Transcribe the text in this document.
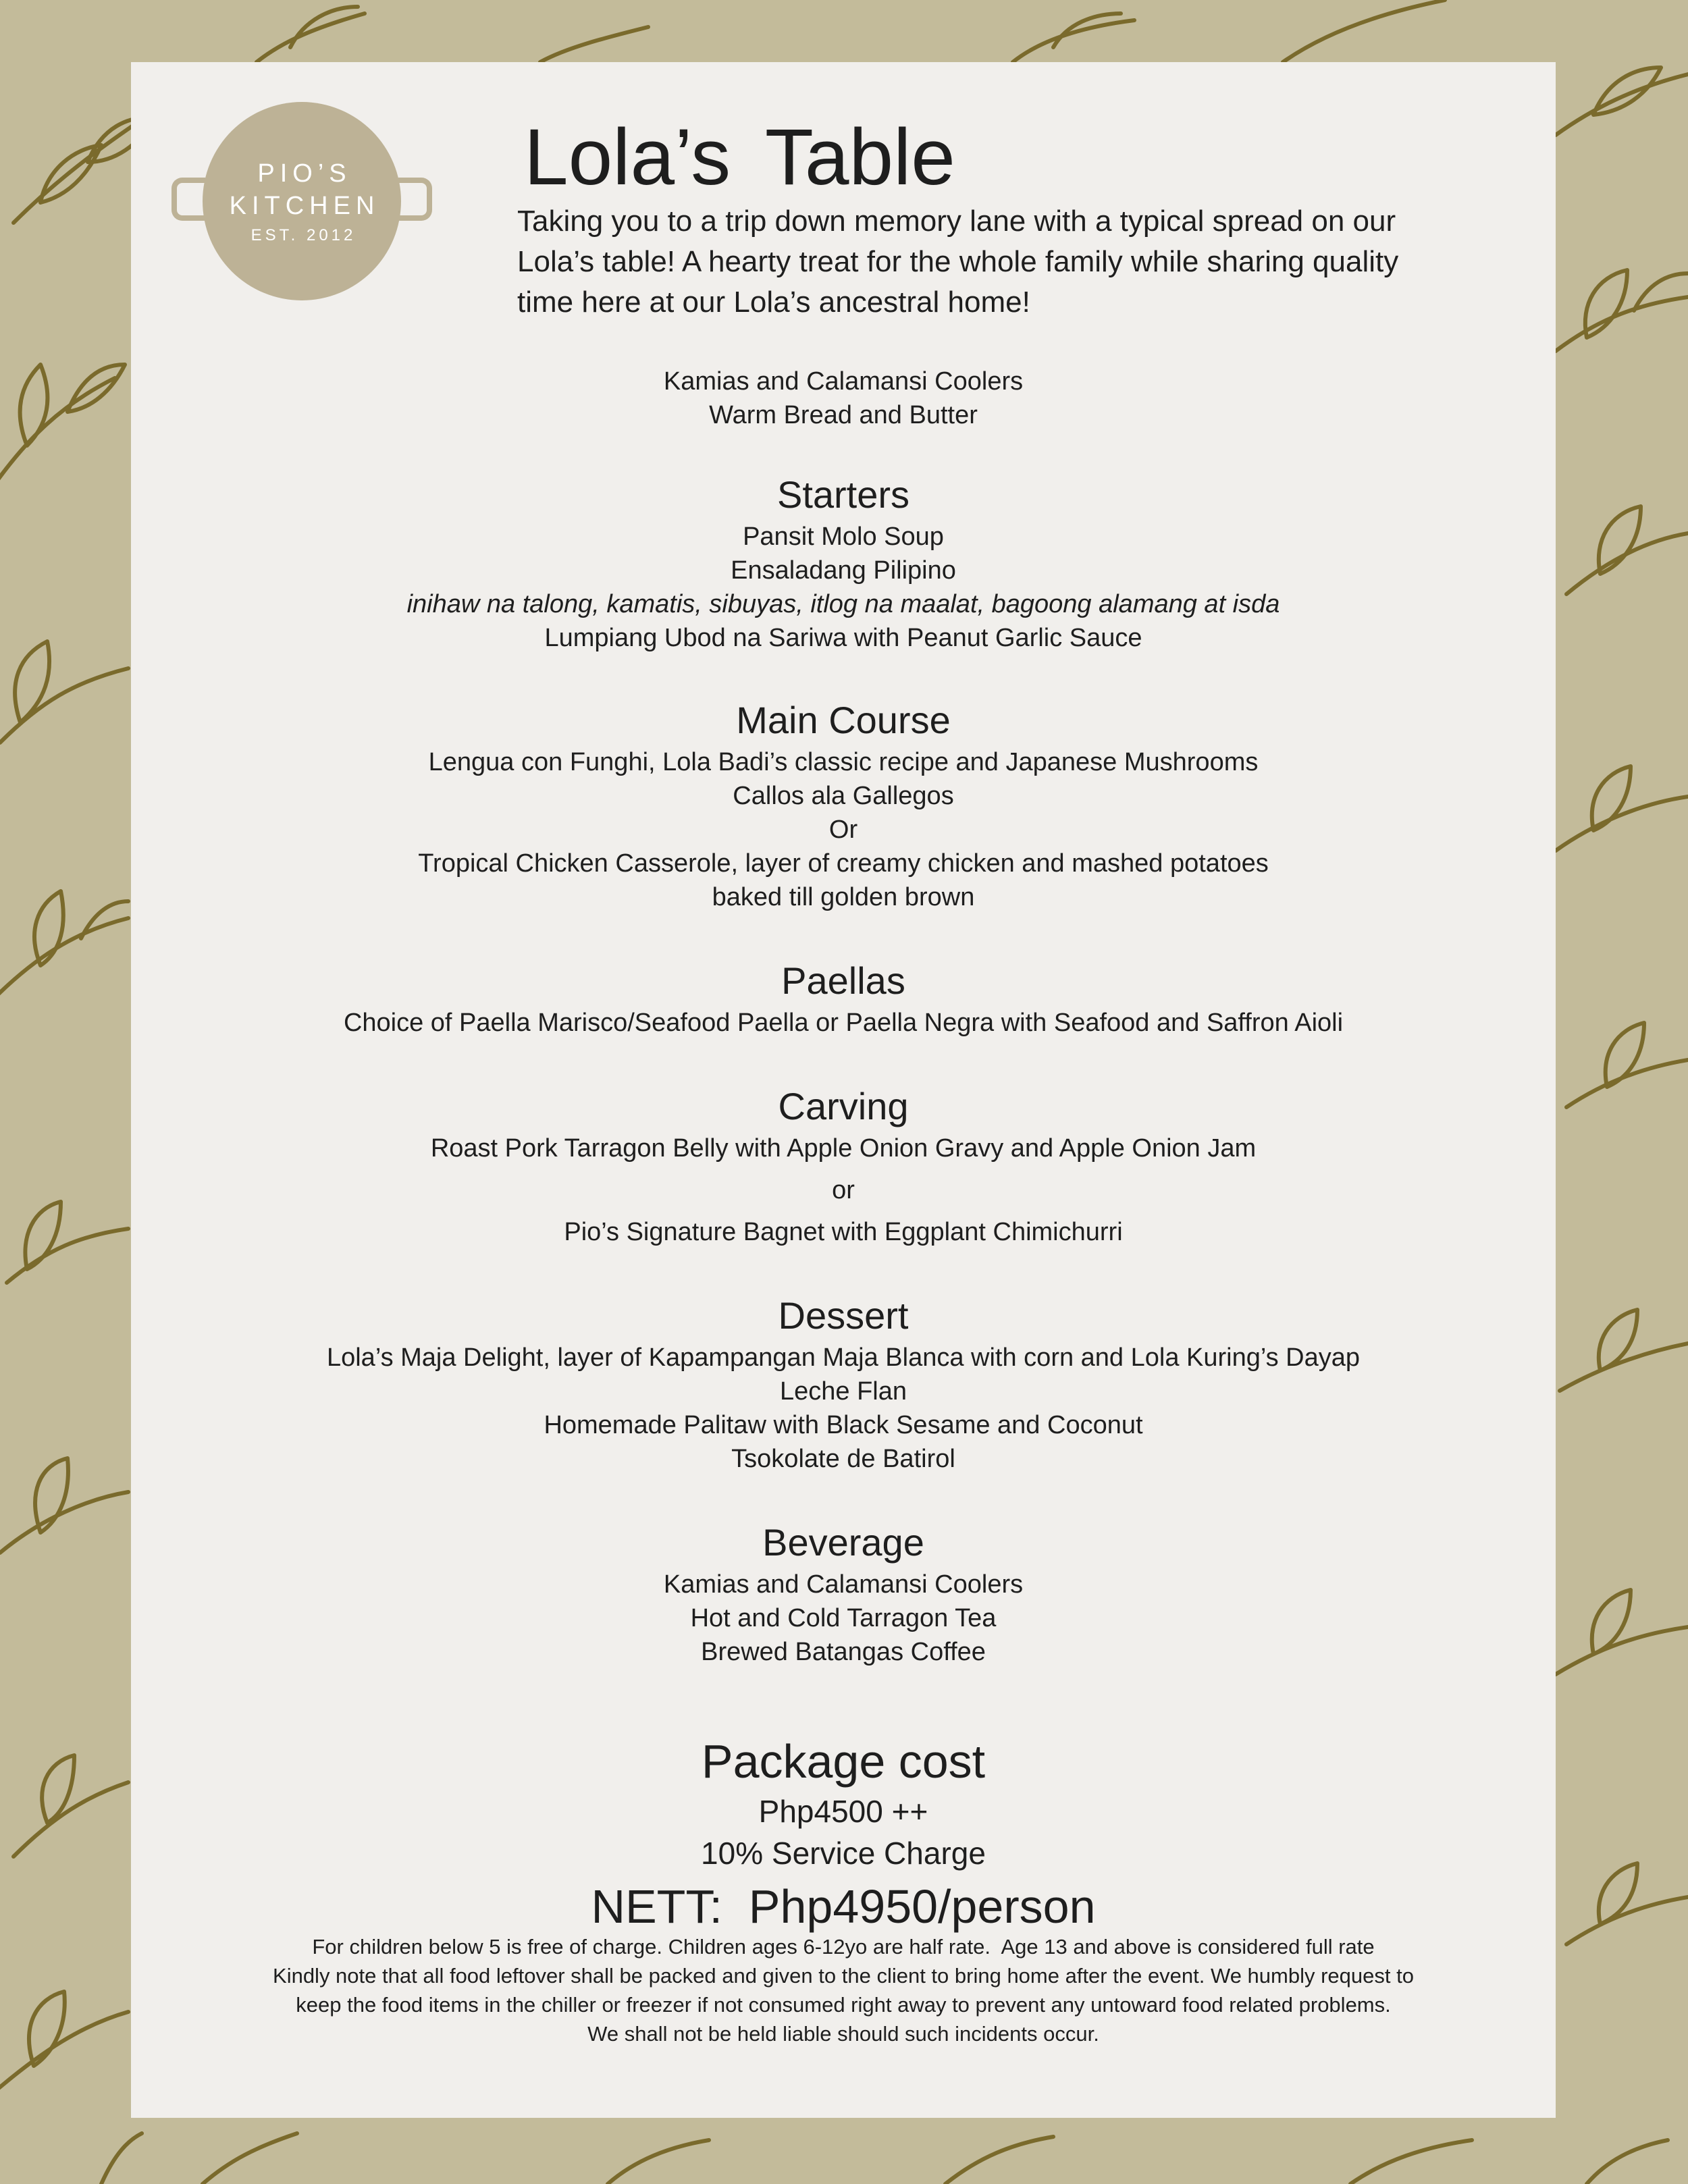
PIO’S
KITCHEN
EST. 2012
Lola’s Table

Taking you to a trip down memory lane with a typical spread on our Lola’s table! A hearty treat for the whole family while sharing quality time here at our Lola’s ancestral home!

Kamias and Calamansi Coolers
Warm Bread and Butter
Starters
Pansit Molo Soup
Ensaladang Pilipino
inihaw na talong, kamatis, sibuyas, itlog na maalat, bagoong alamang at isda
Lumpiang Ubod na Sariwa with Peanut Garlic Sauce
Main Course
Lengua con Funghi, Lola Badi’s classic recipe and Japanese Mushrooms
Callos ala Gallegos
Or
Tropical Chicken Casserole, layer of creamy chicken and mashed potatoes
baked till golden brown
Paellas
Choice of Paella Marisco/Seafood Paella or Paella Negra with Seafood and Saffron Aioli
Carving
Roast Pork Tarragon Belly with Apple Onion Gravy and Apple Onion Jam
or
Pio’s Signature Bagnet with Eggplant Chimichurri
Dessert
Lola’s Maja Delight, layer of Kapampangan Maja Blanca with corn and Lola Kuring’s Dayap
Leche Flan
Homemade Palitaw with Black Sesame and Coconut
Tsokolate de Batirol
Beverage
Kamias and Calamansi Coolers
Hot and Cold Tarragon Tea
Brewed Batangas Coffee
Package cost
Php4500 ++
10% Service Charge
NETT:  Php4950/person
For children below 5 is free of charge. Children ages 6-12yo are half rate.  Age 13 and above is considered full rate
Kindly note that all food leftover shall be packed and given to the client to bring home after the event. We humbly request to
keep the food items in the chiller or freezer if not consumed right away to prevent any untoward food related problems.
We shall not be held liable should such incidents occur.
